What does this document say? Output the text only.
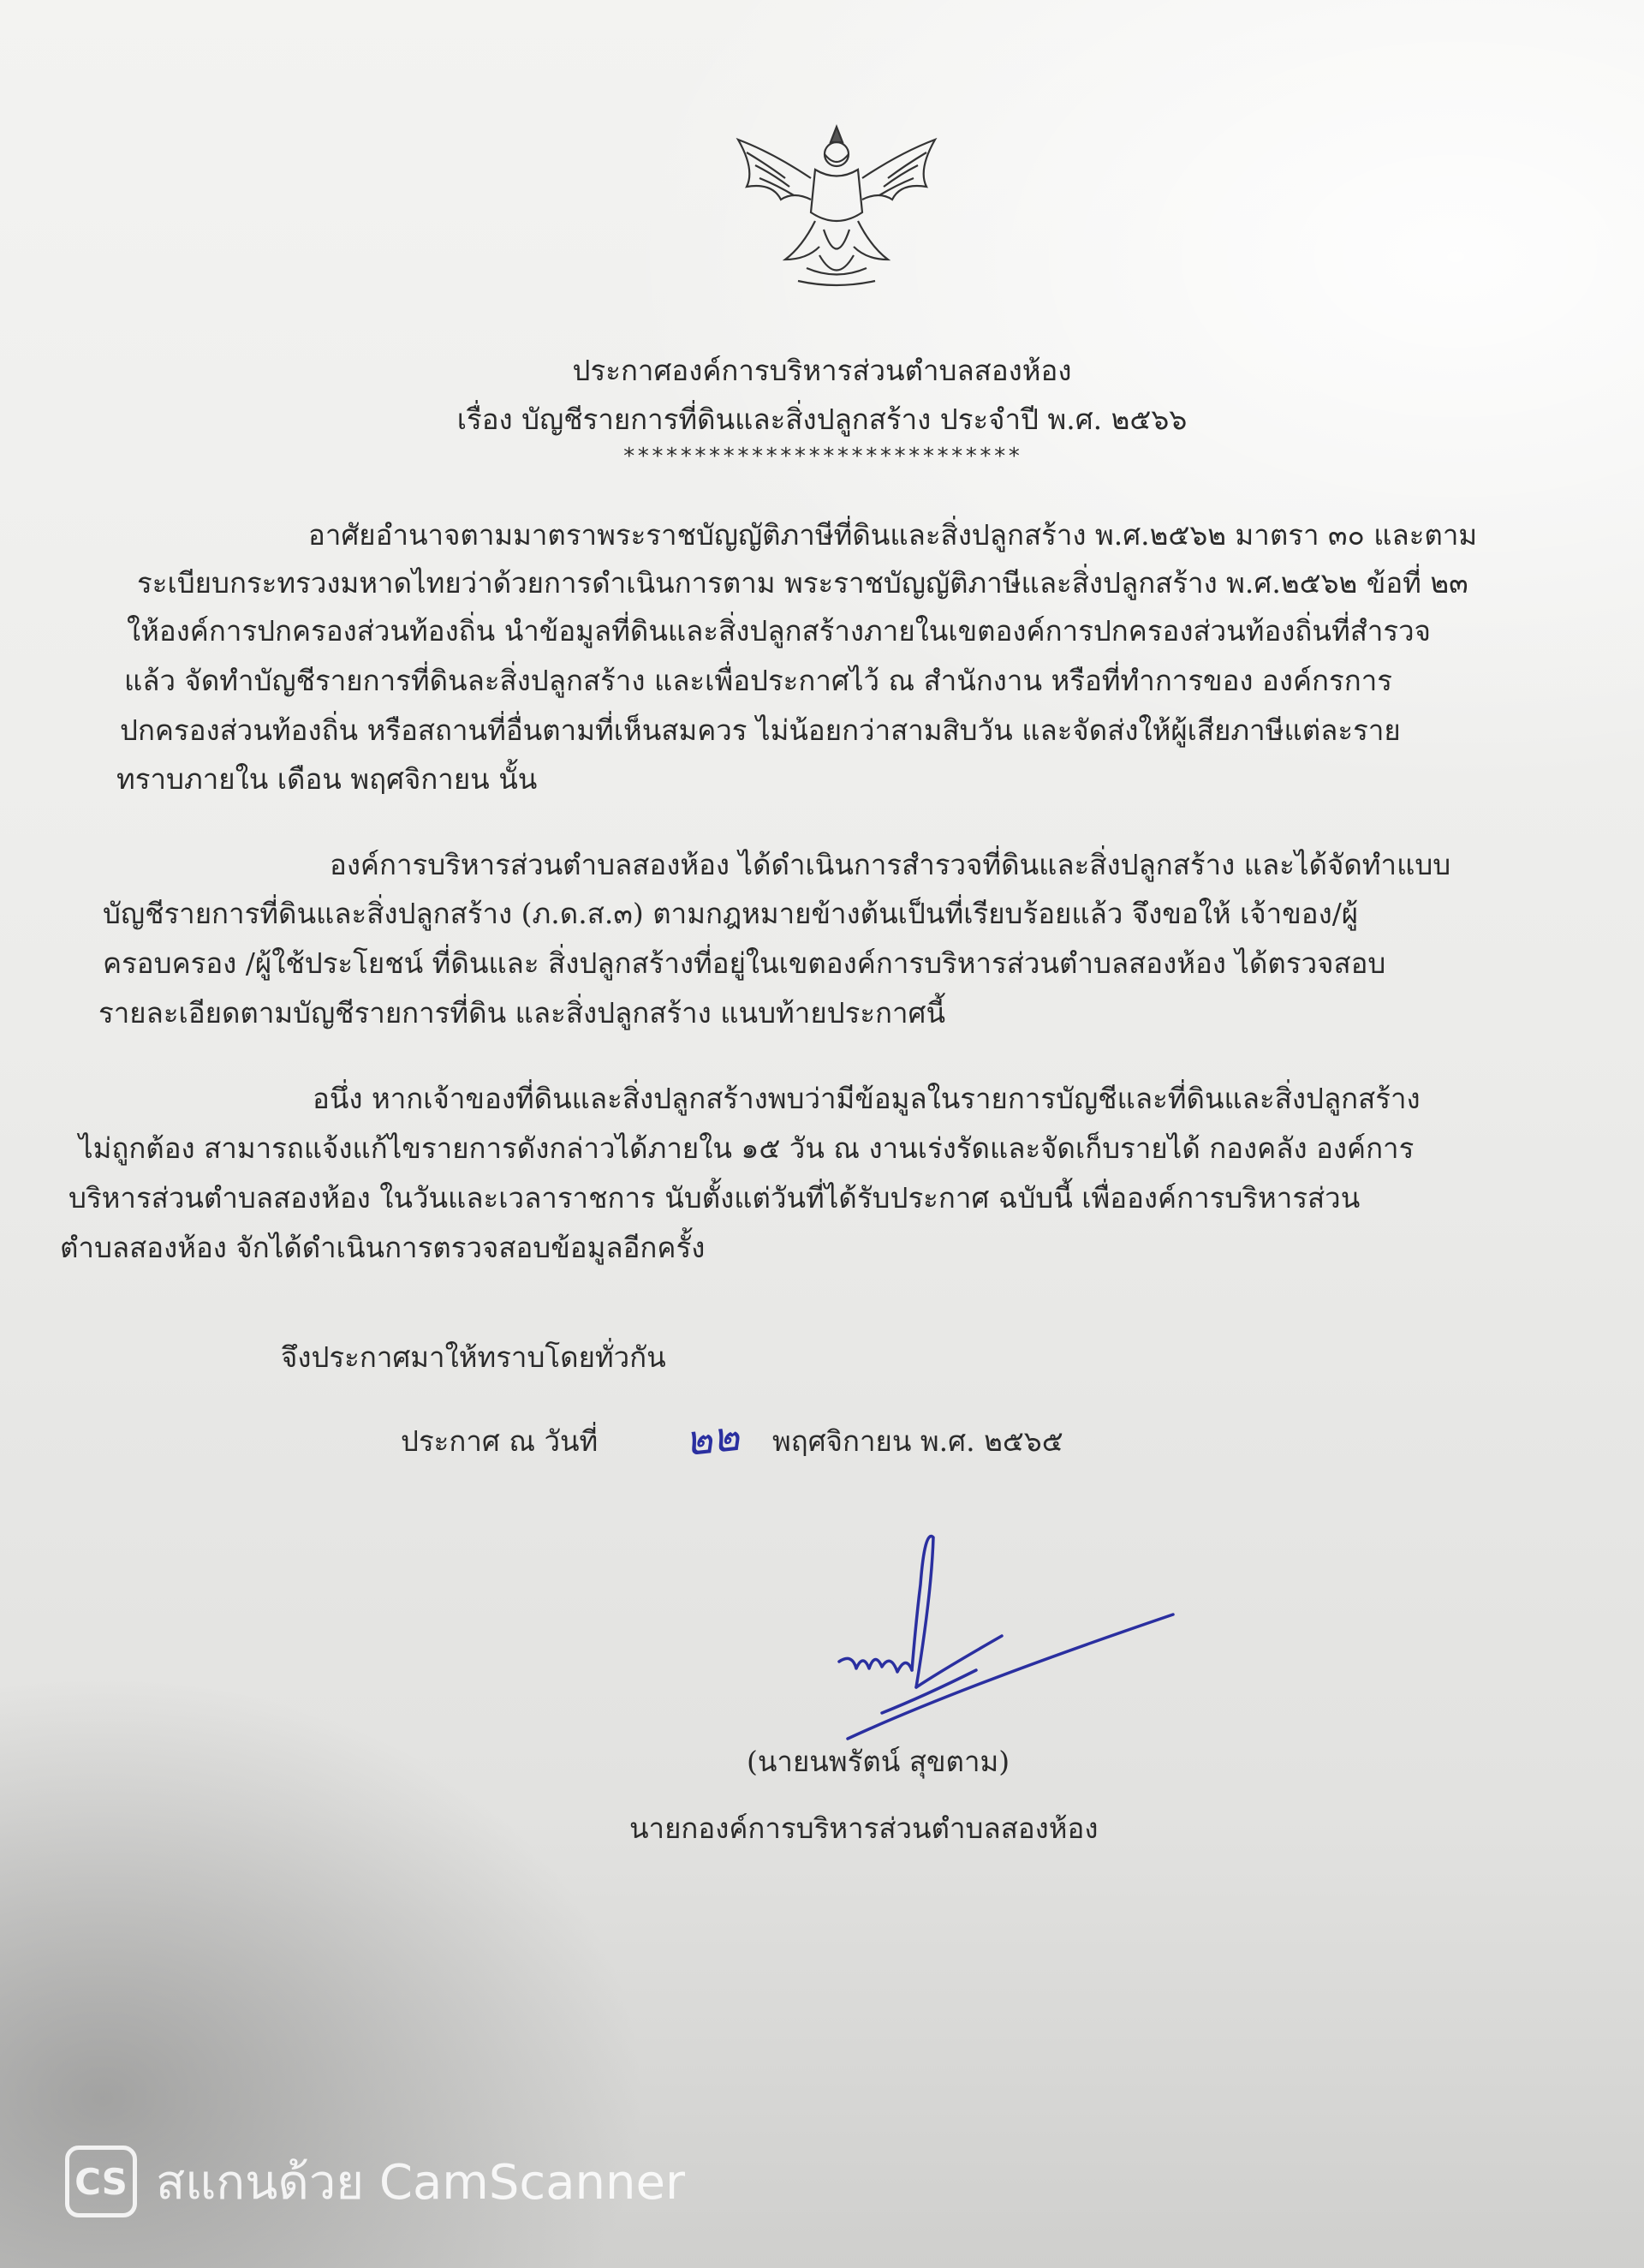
ประกาศองค์การบริหารส่วนตำบลสองห้อง
เรื่อง บัญชีรายการที่ดินและสิ่งปลูกสร้าง ประจำปี พ.ศ. ๒๕๖๖
****************************
อาศัยอำนาจตามมาตราพระราชบัญญัติภาษีที่ดินและสิ่งปลูกสร้าง พ.ศ.๒๕๖๒ มาตรา ๓๐ และตาม
ระเบียบกระทรวงมหาดไทยว่าด้วยการดำเนินการตาม พระราชบัญญัติภาษีและสิ่งปลูกสร้าง พ.ศ.๒๕๖๒ ข้อที่ ๒๓
ให้องค์การปกครองส่วนท้องถิ่น นำข้อมูลที่ดินและสิ่งปลูกสร้างภายในเขตองค์การปกครองส่วนท้องถิ่นที่สำรวจ
แล้ว จัดทำบัญชีรายการที่ดินละสิ่งปลูกสร้าง และเพื่อประกาศไว้ ณ สำนักงาน หรือที่ทำการของ องค์กรการ
ปกครองส่วนท้องถิ่น หรือสถานที่อื่นตามที่เห็นสมควร ไม่น้อยกว่าสามสิบวัน และจัดส่งให้ผู้เสียภาษีแต่ละราย
ทราบภายใน เดือน พฤศจิกายน นั้น
องค์การบริหารส่วนตำบลสองห้อง ได้ดำเนินการสำรวจที่ดินและสิ่งปลูกสร้าง และได้จัดทำแบบ
บัญชีรายการที่ดินและสิ่งปลูกสร้าง (ภ.ด.ส.๓) ตามกฎหมายข้างต้นเป็นที่เรียบร้อยแล้ว จึงขอให้ เจ้าของ/ผู้
ครอบครอง /ผู้ใช้ประโยชน์ ที่ดินและ สิ่งปลูกสร้างที่อยู่ในเขตองค์การบริหารส่วนตำบลสองห้อง ได้ตรวจสอบ
รายละเอียดตามบัญชีรายการที่ดิน และสิ่งปลูกสร้าง แนบท้ายประกาศนี้
อนึ่ง หากเจ้าของที่ดินและสิ่งปลูกสร้างพบว่ามีข้อมูลในรายการบัญชีและที่ดินและสิ่งปลูกสร้าง
ไม่ถูกต้อง สามารถแจ้งแก้ไขรายการดังกล่าวได้ภายใน ๑๕ วัน ณ งานเร่งรัดและจัดเก็บรายได้ กองคลัง องค์การ
บริหารส่วนตำบลสองห้อง ในวันและเวลาราชการ นับตั้งแต่วันที่ได้รับประกาศ ฉบับนี้ เพื่อองค์การบริหารส่วน
ตำบลสองห้อง จักได้ดำเนินการตรวจสอบข้อมูลอีกครั้ง
จึงประกาศมาให้ทราบโดยทั่วกัน
ประกาศ ณ วันที่ ๒๒ พฤศจิกายน พ.ศ. ๒๕๖๕
(นายนพรัตน์ สุขตาม)
นายกองค์การบริหารส่วนตำบลสองห้อง
CS สแกนด้วย CamScanner
